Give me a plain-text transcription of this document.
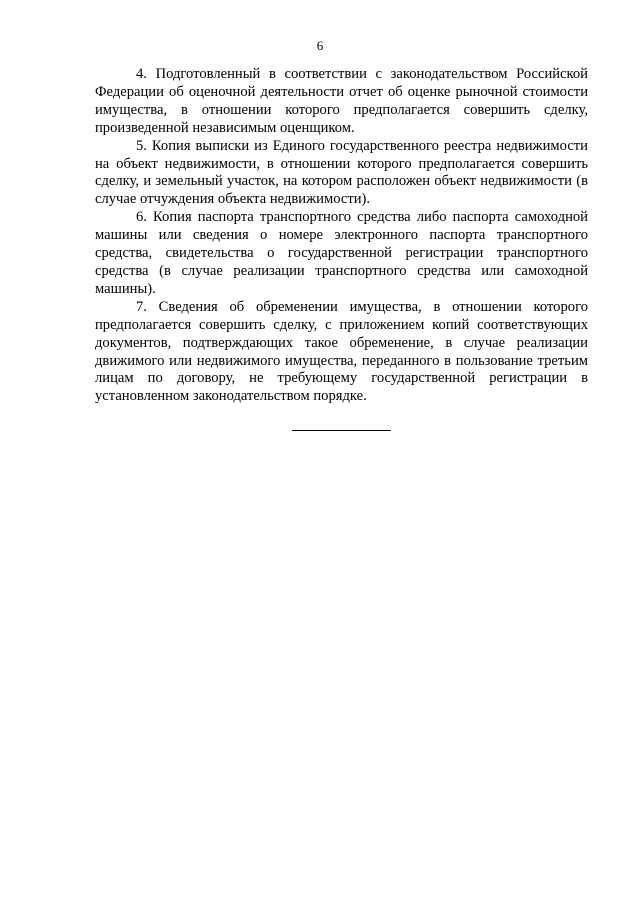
6

4. Подготовленный в соответствии с законодательством Российской Федерации об оценочной деятельности отчет об оценке рыночной стоимости имущества, в отношении которого предполагается совершить сделку, произведенной независимым оценщиком.

5. Копия выписки из Единого государственного реестра недвижимости на объект недвижимости, в отношении которого предполагается совершить сделку, и земельный участок, на котором расположен объект недвижимости (в случае отчуждения объекта недвижимости).

6. Копия паспорта транспортного средства либо паспорта самоходной машины или сведения о номере электронного паспорта транспортного средства, свидетельства о государственной регистрации транспортного средства (в случае реализации транспортного средства или самоходной машины).

7. Сведения об обременении имущества, в отношении которого предполагается совершить сделку, с приложением копий соответствующих документов, подтверждающих такое обременение, в случае реализации движимого или недвижимого имущества, переданного в пользование третьим лицам по договору, не требующему государственной регистрации в установленном законодательством порядке.
